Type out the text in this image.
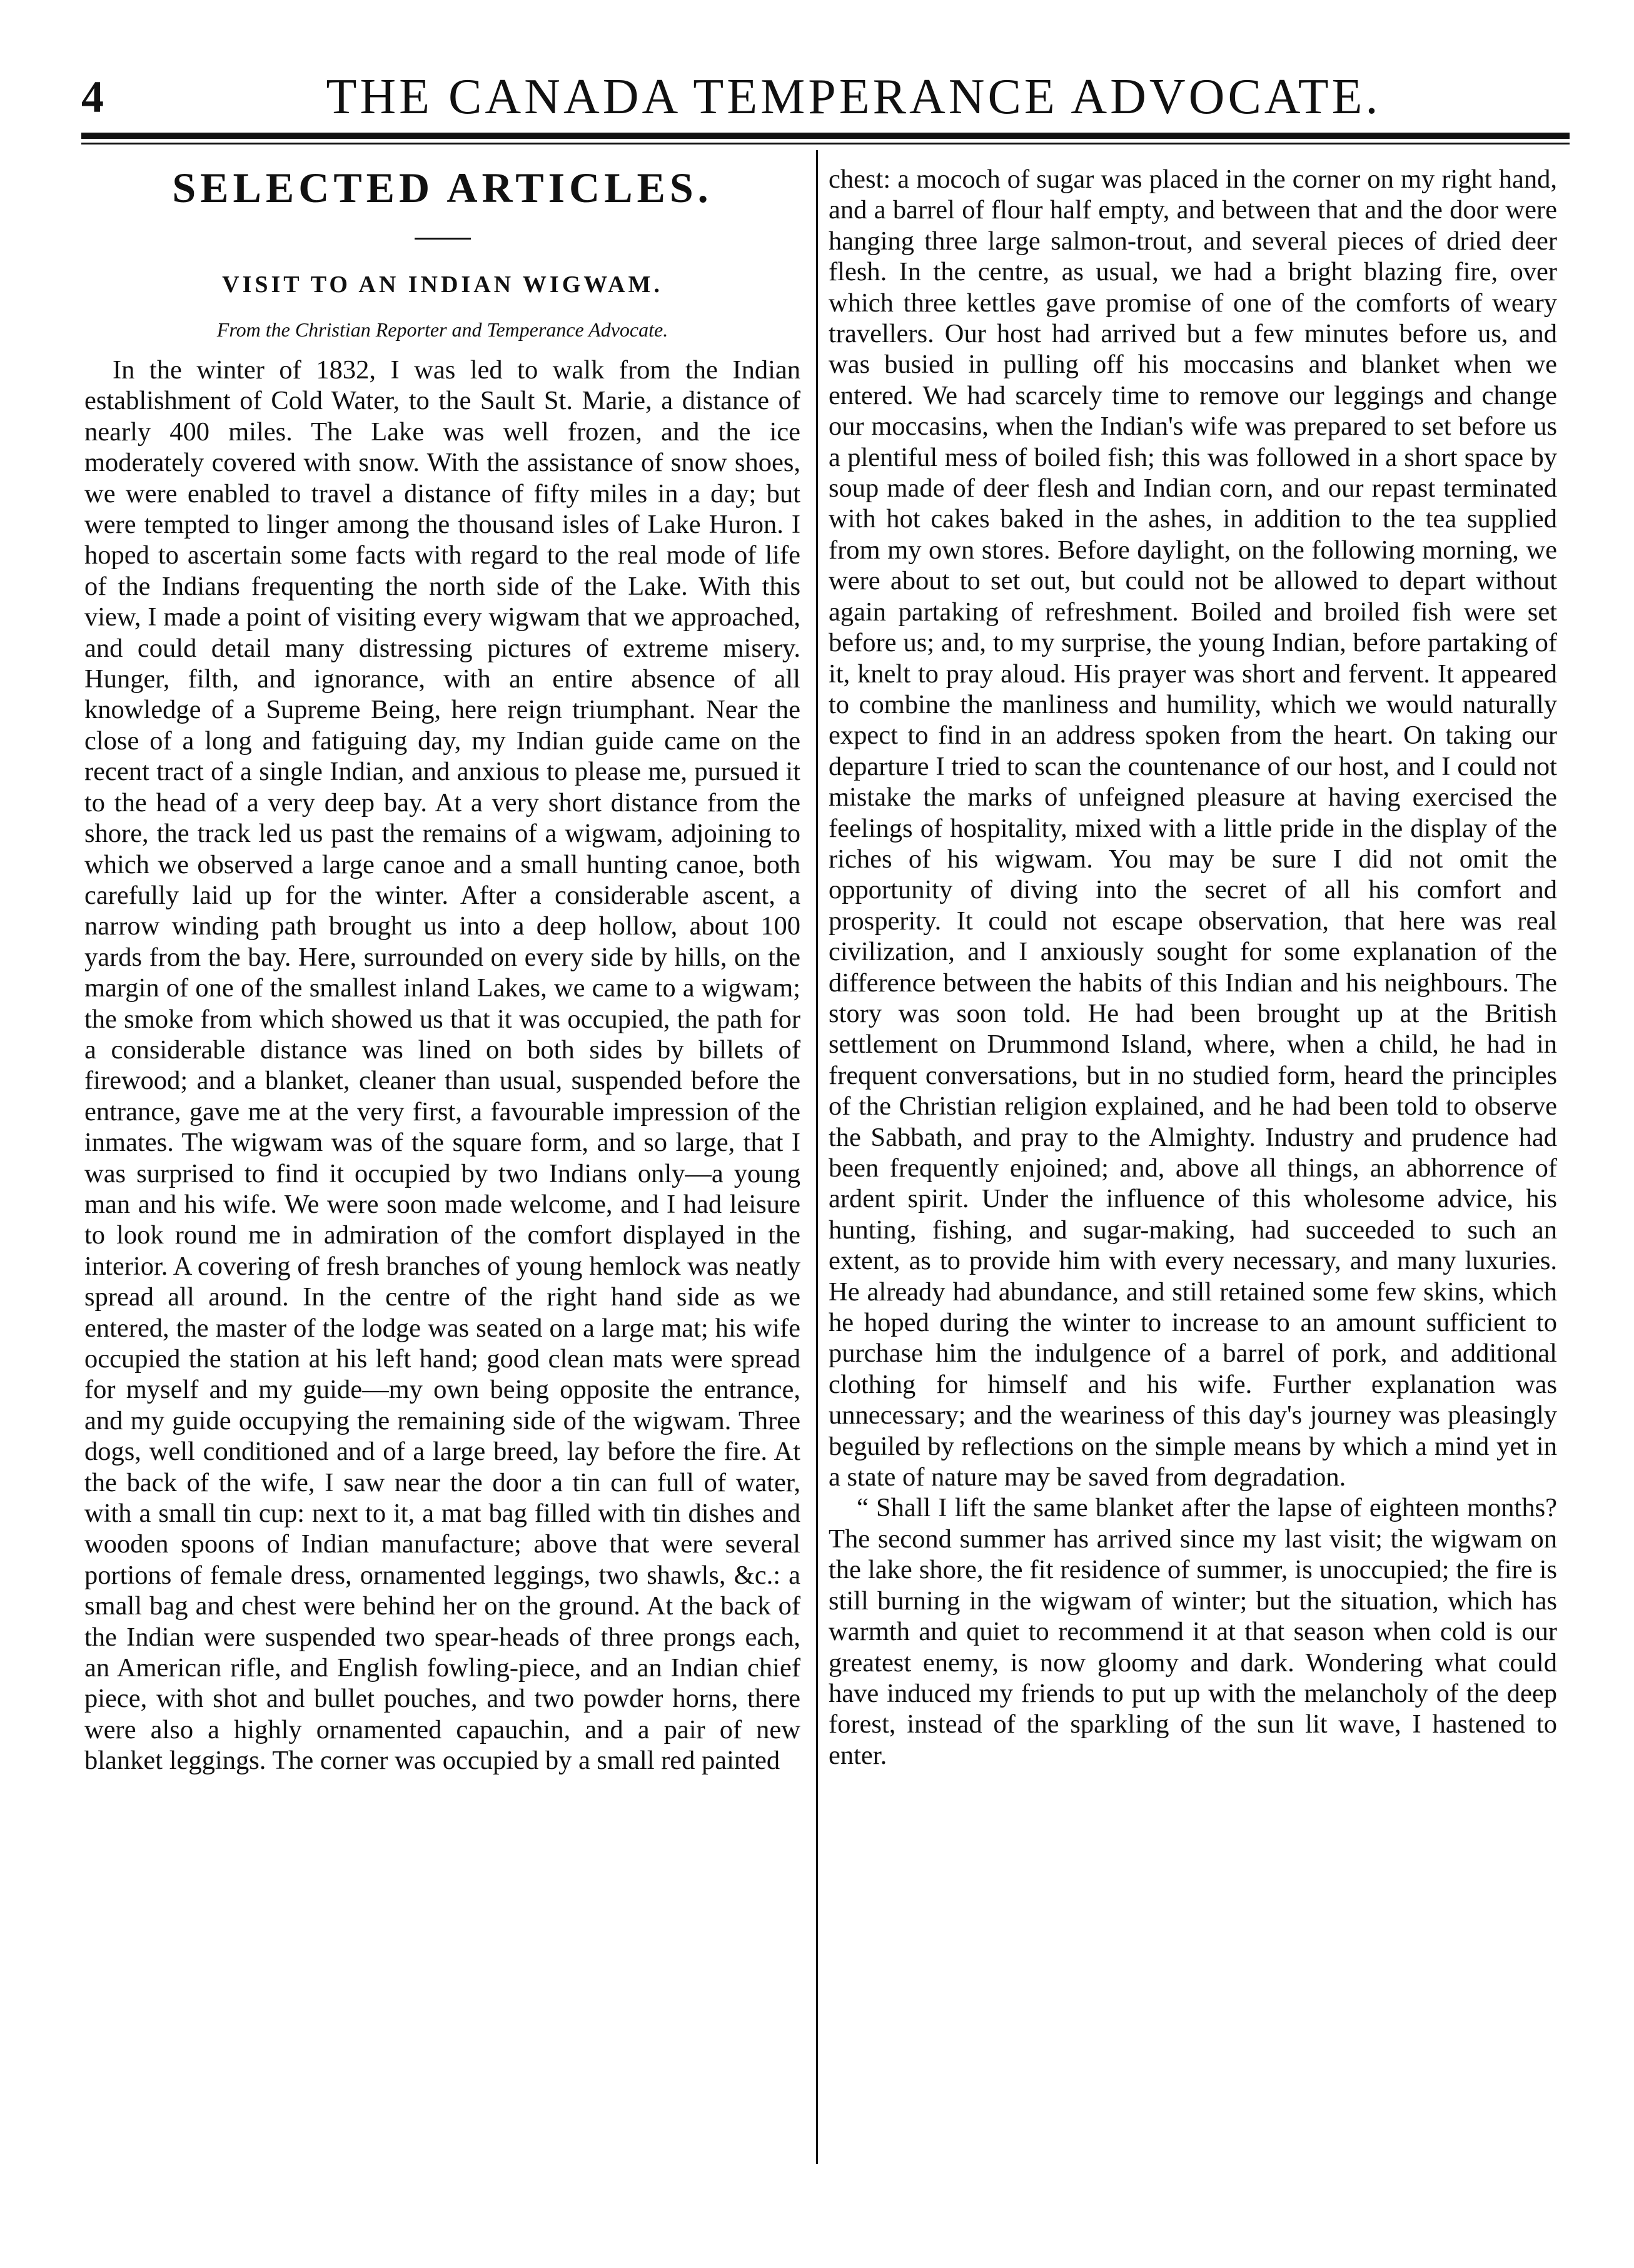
4	THE CANADA TEMPERANCE ADVOCATE.
SELECTED ARTICLES.
VISIT TO AN INDIAN WIGWAM.
From the Christian Reporter and Temperance Advocate.

In the winter of 1832, I was led to walk from the Indian establishment of Cold Water, to the Sault St. Marie, a distance of nearly 400 miles. The Lake was well frozen, and the ice moderately covered with snow. With the assistance of snow shoes, we were enabled to travel a distance of fifty miles in a day; but were tempted to linger among the thousand isles of Lake Huron. I hoped to ascertain some facts with regard to the real mode of life of the Indians frequenting the north side of the Lake. With this view, I made a point of visiting every wigwam that we approached, and could detail many distressing pictures of extreme misery. Hunger, filth, and ignorance, with an entire absence of all knowledge of a Supreme Being, here reign triumphant. Near the close of a long and fatiguing day, my Indian guide came on the recent tract of a single Indian, and anxious to please me, pursued it to the head of a very deep bay. At a very short distance from the shore, the track led us past the remains of a wigwam, adjoining to which we observed a large canoe and a small hunting canoe, both carefully laid up for the winter. After a considerable ascent, a narrow winding path brought us into a deep hollow, about 100 yards from the bay. Here, surrounded on every side by hills, on the margin of one of the smallest inland Lakes, we came to a wigwam; the smoke from which showed us that it was occupied, the path for a considerable distance was lined on both sides by billets of firewood; and a blanket, cleaner than usual, suspended before the entrance, gave me at the very first, a favourable impression of the inmates. The wigwam was of the square form, and so large, that I was surprised to find it occupied by two Indians only—a young man and his wife. We were soon made welcome, and I had leisure to look round me in admiration of the comfort displayed in the interior. A covering of fresh branches of young hemlock was neatly spread all around. In the centre of the right hand side as we entered, the master of the lodge was seated on a large mat; his wife occupied the station at his left hand; good clean mats were spread for myself and my guide—my own being opposite the entrance, and my guide occupying the remaining side of the wigwam. Three dogs, well conditioned and of a large breed, lay before the fire. At the back of the wife, I saw near the door a tin can full of water, with a small tin cup: next to it, a mat bag filled with tin dishes and wooden spoons of Indian manufacture; above that were several portions of female dress, ornamented leggings, two shawls, &c.: a small bag and chest were behind her on the ground. At the back of the Indian were suspended two spear-heads of three prongs each, an American rifle, and English fowling-piece, and an Indian chief piece, with shot and bullet pouches, and two powder horns, there were also a highly ornamented capauchin, and a pair of new blanket leggings. The corner was occupied by a small red painted

chest: a mococh of sugar was placed in the corner on my right hand, and a barrel of flour half empty, and between that and the door were hanging three large salmon-trout, and several pieces of dried deer flesh. In the centre, as usual, we had a bright blazing fire, over which three kettles gave promise of one of the comforts of weary travellers. Our host had arrived but a few minutes before us, and was busied in pulling off his moccasins and blanket when we entered. We had scarcely time to remove our leggings and change our moccasins, when the Indian's wife was prepared to set before us a plentiful mess of boiled fish; this was followed in a short space by soup made of deer flesh and Indian corn, and our repast terminated with hot cakes baked in the ashes, in addition to the tea supplied from my own stores. Before daylight, on the following morning, we were about to set out, but could not be allowed to depart without again partaking of refreshment. Boiled and broiled fish were set before us; and, to my surprise, the young Indian, before partaking of it, knelt to pray aloud. His prayer was short and fervent. It appeared to combine the manliness and humility, which we would naturally expect to find in an address spoken from the heart. On taking our departure I tried to scan the countenance of our host, and I could not mistake the marks of unfeigned pleasure at having exercised the feelings of hospitality, mixed with a little pride in the display of the riches of his wigwam. You may be sure I did not omit the opportunity of diving into the secret of all his comfort and prosperity. It could not escape observation, that here was real civilization, and I anxiously sought for some explanation of the difference between the habits of this Indian and his neighbours. The story was soon told. He had been brought up at the British settlement on Drummond Island, where, when a child, he had in frequent conversations, but in no studied form, heard the principles of the Christian religion explained, and he had been told to observe the Sabbath, and pray to the Almighty. Industry and prudence had been frequently enjoined; and, above all things, an abhorrence of ardent spirit. Under the influence of this wholesome advice, his hunting, fishing, and sugar-making, had succeeded to such an extent, as to provide him with every necessary, and many luxuries. He already had abundance, and still retained some few skins, which he hoped during the winter to increase to an amount sufficient to purchase him the indulgence of a barrel of pork, and additional clothing for himself and his wife. Further explanation was unnecessary; and the weariness of this day's journey was pleasingly beguiled by reflections on the simple means by which a mind yet in a state of nature may be saved from degradation.

“ Shall I lift the same blanket after the lapse of eighteen months? The second summer has arrived since my last visit; the wigwam on the lake shore, the fit residence of summer, is unoccupied; the fire is still burning in the wigwam of winter; but the situation, which has warmth and quiet to recommend it at that season when cold is our greatest enemy, is now gloomy and dark. Wondering what could have induced my friends to put up with the melancholy of the deep forest, instead of the sparkling of the sun lit wave, I hastened to enter.
